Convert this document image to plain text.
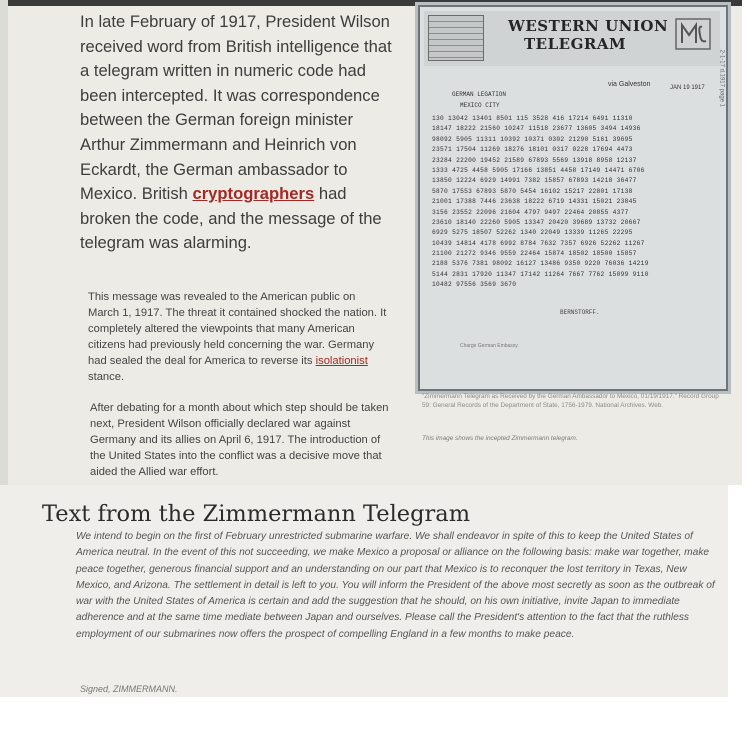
In late February of 1917, President Wilson received word from British intelligence that a telegram written in numeric code had been intercepted. It was correspondence between the German foreign minister Arthur Zimmermann and Heinrich von Eckardt, the German ambassador to Mexico. British cryptographers had broken the code, and the message of the telegram was alarming.

This message was revealed to the American public on March 1, 1917. The threat it contained shocked the nation. It completely altered the viewpoints that many American citizens had previously held concerning the war. Germany had sealed the deal for America to reverse its isolationist stance.

After debating for a month about which step should be taken next, President Wilson officially declared war against Germany and its allies on April 6, 1917. The introduction of the United States into the conflict was a decisive move that aided the Allied war effort.

WESTERN UNION
TELEGRAM
via Galveston	JAN 19 1917
GERMAN LEGATION
MEXICO CITY
130 13042 13401 8501 115 3528 416 17214 6491 11310
18147 18222 21560 10247 11518 23677 13605 3494 14936
98092 5905 11311 10392 10371 0302 21290 5161 39695
23571 17504 11269 18276 18101 0317 0228 17694 4473
23284 22200 19452 21589 67893 5569 13918 8958 12137
1333 4725 4458 5905 17166 13851 4458 17149 14471 6706
13850 12224 6929 14991 7382 15857 67893 14218 36477
5870 17553 67893 5870 5454 16102 15217 22801 17138
21001 17388 7446 23638 18222 6719 14331 15021 23845
3156 23552 22096 21604 4797 9497 22464 20855 4377
23610 18140 22260 5905 13347 20420 39689 13732 20667
6929 5275 18507 52262 1340 22049 13339 11265 22295
10439 14814 4178 6992 8784 7632 7357 6926 52262 11267
21100 21272 9346 9559 22464 15874 18502 18500 15857
2188 5376 7381 98092 16127 13486 9350 9220 76036 14219
5144 2831 17920 11347 17142 11264 7667 7762 15099 9110
10482 97556 3569 3670
BERNSTORFF.
Charge German Embassy.
2-1-17 d.1917 page 1

"Zimmermann Telegram as Received by the German Ambassador to Mexico, 01/19/1917." Record Group 59: General Records of the Department of State, 1756-1979. National Archives. Web.

This image shows the incepted Zimmermann telegram.

Text from the Zimmermann Telegram

We intend to begin on the first of February unrestricted submarine warfare. We shall endeavor in spite of this to keep the United States of America neutral. In the event of this not succeeding, we make Mexico a proposal or alliance on the following basis: make war together, make peace together, generous financial support and an understanding on our part that Mexico is to reconquer the lost territory in Texas, New Mexico, and Arizona. The settlement in detail is left to you. You will inform the President of the above most secretly as soon as the outbreak of war with the United States of America is certain and add the suggestion that he should, on his own initiative, invite Japan to immediate adherence and at the same time mediate between Japan and ourselves. Please call the President's attention to the fact that the ruthless employment of our submarines now offers the prospect of compelling England in a few months to make peace.

Signed, ZIMMERMANN.
